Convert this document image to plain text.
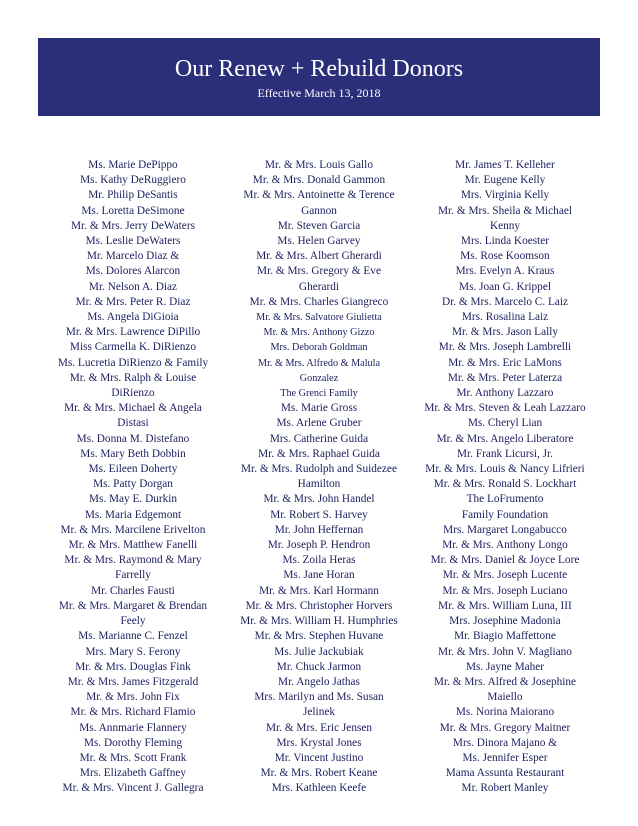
Our Renew + Rebuild Donors
Effective March 13, 2018
Ms. Marie DePippo
Ms. Kathy DeRuggiero
Mr. Philip DeSantis
Ms. Loretta DeSimone
Mr. & Mrs. Jerry DeWaters
Ms. Leslie DeWaters
Mr. Marcelo Diaz &
Ms. Dolores Alarcon
Mr. Nelson A. Diaz
Mr. & Mrs. Peter R. Diaz
Ms. Angela DiGioia
Mr. & Mrs. Lawrence DiPillo
Miss Carmella K. DiRienzo
Ms. Lucretia DiRienzo & Family
Mr. & Mrs. Ralph & Louise
DiRienzo
Mr. & Mrs. Michael & Angela
Distasi
Ms. Donna M. Distefano
Ms. Mary Beth Dobbin
Ms. Eileen Doherty
Ms. Patty Dorgan
Ms. May E. Durkin
Ms. Maria Edgemont
Mr. & Mrs. Marcilene Erivelton
Mr. & Mrs. Matthew Fanelli
Mr. & Mrs. Raymond & Mary
Farrelly
Mr. Charles Fausti
Mr. & Mrs. Margaret & Brendan
Feely
Ms. Marianne C. Fenzel
Mrs. Mary S. Ferony
Mr. & Mrs. Douglas Fink
Mr. & Mrs. James Fitzgerald
Mr. & Mrs. John Fix
Mr. & Mrs. Richard Flamio
Ms. Annmarie Flannery
Ms. Dorothy Fleming
Mr. & Mrs. Scott Frank
Mrs. Elizabeth Gaffney
Mr. & Mrs. Vincent J. Gallegra
Mr. & Mrs. Louis Gallo
Mr. & Mrs. Donald Gammon
Mr. & Mrs. Antoinette & Terence
Gannon
Mr. Steven Garcia
Ms. Helen Garvey
Mr. & Mrs. Albert Gherardi
Mr. & Mrs. Gregory & Eve
Gherardi
Mr. & Mrs. Charles Giangreco
Mr. & Mrs. Salvatore Giulietta
Mr. & Mrs. Anthony Gizzo
Mrs. Deborah Goldman
Mr. & Mrs. Alfredo & Malula
Gonzalez
The Grenci Family
Ms. Marie Gross
Ms. Arlene Gruber
Mrs. Catherine Guida
Mr. & Mrs. Raphael Guida
Mr. & Mrs. Rudolph and Suidezee
Hamilton
Mr. & Mrs. John Handel
Mr. Robert S. Harvey
Mr. John Heffernan
Mr. Joseph P. Hendron
Ms. Zoila Heras
Ms. Jane Horan
Mr. & Mrs. Karl Hormann
Mr. & Mrs. Christopher Horvers
Mr. & Mrs. William H. Humphries
Mr. & Mrs. Stephen Huvane
Ms. Julie Jackubiak
Mr. Chuck Jarmon
Mr. Angelo Jathas
Mrs. Marilyn and Ms. Susan
Jelinek
Mr. & Mrs. Eric Jensen
Mrs. Krystal Jones
Mr. Vincent Justino
Mr. & Mrs. Robert Keane
Mrs. Kathleen Keefe
Mr. James T. Kelleher
Mr. Eugene Kelly
Mrs. Virginia Kelly
Mr. & Mrs. Sheila & Michael
Kenny
Mrs. Linda Koester
Ms. Rose Koomson
Mrs. Evelyn A. Kraus
Ms. Joan G. Krippel
Dr. & Mrs. Marcelo C. Laiz
Mrs. Rosalina Laiz
Mr. & Mrs. Jason Lally
Mr. & Mrs. Joseph Lambrelli
Mr. & Mrs. Eric LaMons
Mr. & Mrs. Peter Laterza
Mr. Anthony Lazzaro
Mr. & Mrs. Steven & Leah Lazzaro
Ms. Cheryl Lian
Mr. & Mrs. Angelo Liberatore
Mr. Frank Licursi, Jr.
Mr. & Mrs. Louis & Nancy Lifrieri
Mr. & Mrs. Ronald S. Lockhart
The LoFrumento
Family Foundation
Mrs. Margaret Longabucco
Mr. & Mrs. Anthony Longo
Mr. & Mrs. Daniel & Joyce Lore
Mr. & Mrs. Joseph Lucente
Mr. & Mrs. Joseph Luciano
Mr. & Mrs. William Luna, III
Mrs. Josephine Madonia
Mr. Biagio Maffettone
Mr. & Mrs. John V. Magliano
Ms. Jayne Maher
Mr. & Mrs. Alfred & Josephine
Maiello
Ms. Norina Maiorano
Mr. & Mrs. Gregory Maitner
Mrs. Dinora Majano &
Ms. Jennifer Esper
Mama Assunta Restaurant
Mr. Robert Manley
